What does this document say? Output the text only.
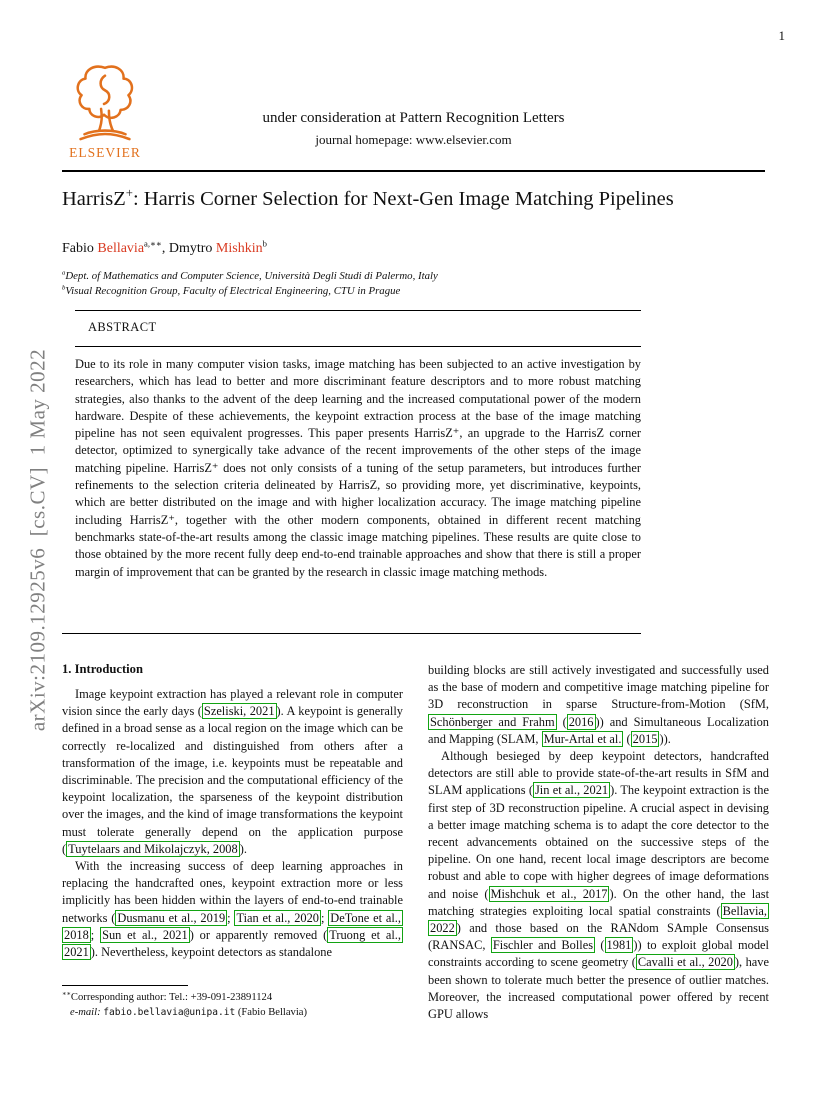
1
ELSEVIER
under consideration at Pattern Recognition Letters
journal homepage: www.elsevier.com
HarrisZ+: Harris Corner Selection for Next-Gen Image Matching Pipelines
Fabio Bellavia$^{a,∗∗}$, Dmytro Mishkin$^b$
$^a$Dept. of Mathematics and Computer Science, Università Degli Studi di Palermo, Italy
$^b$Visual Recognition Group, Faculty of Electrical Engineering, CTU in Prague
ABSTRACT
Due to its role in many computer vision tasks, image matching has been subjected to an active investigation by researchers, which has lead to better and more discriminant feature descriptors and to more robust matching strategies, also thanks to the advent of the deep learning and the increased computational power of the modern hardware. Despite of these achievements, the keypoint extraction process at the base of the image matching pipeline has not seen equivalent progresses. This paper presents HarrisZ⁺, an upgrade to the HarrisZ corner detector, optimized to synergically take advance of the recent improvements of the other steps of the image matching pipeline. HarrisZ⁺ does not only consists of a tuning of the setup parameters, but introduces further refinements to the selection criteria delineated by HarrisZ, so providing more, yet discriminative, keypoints, which are better distributed on the image and with higher localization accuracy. The image matching pipeline including HarrisZ⁺, together with the other modern components, obtained in different recent matching benchmarks state-of-the-art results among the classic image matching pipelines. These results are quite close to those obtained by the more recent fully deep end-to-end trainable approaches and show that there is still a proper margin of improvement that can be granted by the research in classic image matching methods.
arXiv:2109.12925v6  [cs.CV]  1 May 2022 1. Introduction

Image keypoint extraction has played a relevant role in computer vision since the early days ( Szeliski, 2021 ). A keypoint is generally defined in a broad sense as a local region on the image which can be correctly re-localized and distinguished from others after a transformation of the image, i.e. keypoints must be repeatable and discriminable. The precision and the computational efficiency of the keypoint localization, the sparseness of the keypoint distribution over the images, and the kind of image transformations the keypoint must tolerate generally depend on the application purpose ( Tuytelaars and Mikolajczyk, 2008 ).

With the increasing success of deep learning approaches in replacing the handcrafted ones, keypoint extraction more or less implicitly has been hidden within the layers of end-to-end trainable networks ( Dusmanu et al., 2019 ; Tian et al., 2020 ; DeTone et al., 2018 ; Sun et al., 2021 ) or apparently removed ( Truong et al., 2021 ). Nevertheless, keypoint detectors as standalone

building blocks are still actively investigated and successfully used as the base of modern and competitive image matching pipeline for 3D reconstruction in sparse Structure-from-Motion (SfM, Schönberger and Frahm ( 2016 )) and Simultaneous Localization and Mapping (SLAM, Mur-Artal et al. ( 2015 )).

Although besieged by deep keypoint detectors, handcrafted detectors are still able to provide state-of-the-art results in SfM and SLAM applications ( Jin et al., 2021 ). The keypoint extraction is the first step of 3D reconstruction pipeline. A crucial aspect in devising a better image matching schema is to adapt the core detector to the recent advancements obtained on the successive steps of the pipeline. On one hand, recent local image descriptors are become robust and able to cope with higher degrees of image deformations and noise ( Mishchuk et al., 2017 ). On the other hand, the last matching strategies exploiting local spatial constraints ( Bellavia, 2022 ) and those based on the RANdom SAmple Consensus (RANSAC, Fischler and Bolles ( 1981 )) to exploit global model constraints according to scene geometry ( Cavalli et al., 2020 ), have been shown to tolerate much better the presence of outlier matches. Moreover, the increased computational power offered by recent GPU allows

∗∗Corresponding author: Tel.: +39-091-23891124
e-mail: fabio.bellavia@unipa.it (Fabio Bellavia)
